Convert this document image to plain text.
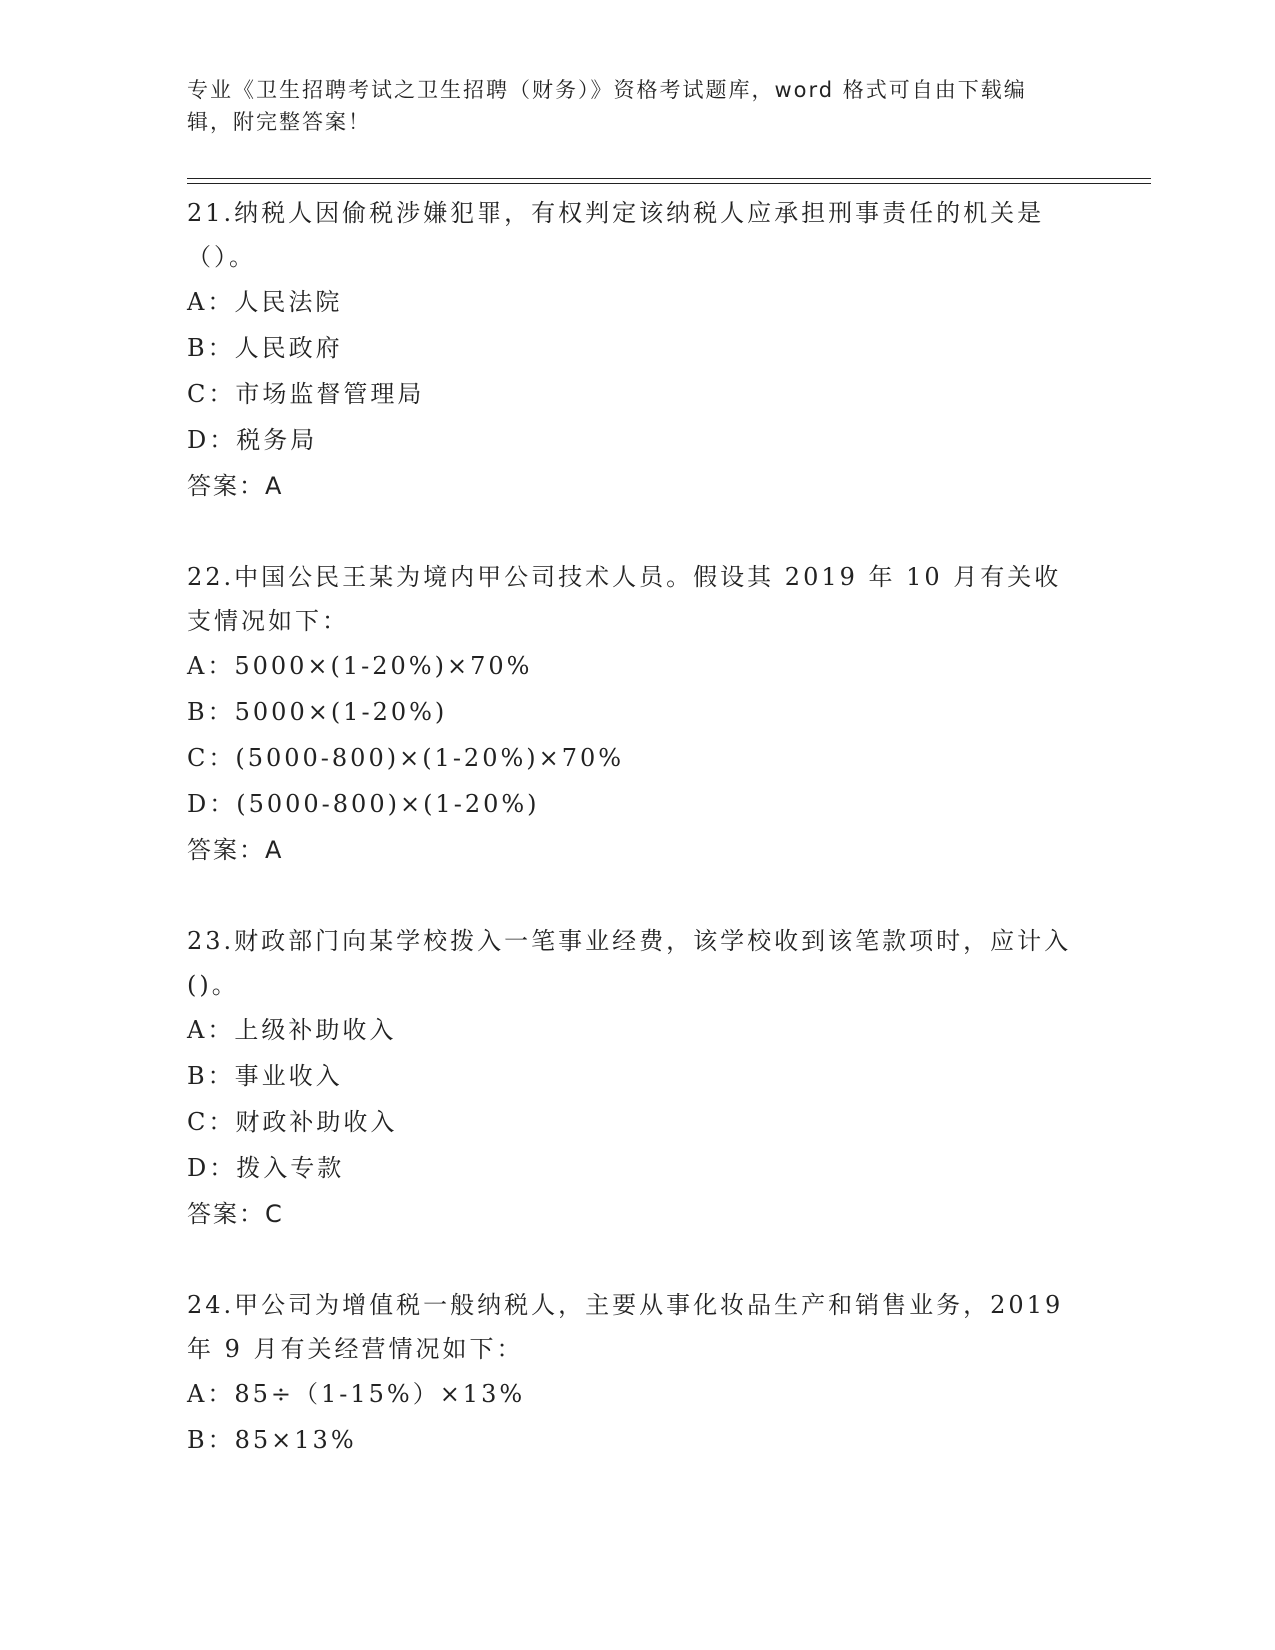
专业《卫生招聘考试之卫生招聘（财务）》资格考试题库，word 格式可自由下载编辑，附完整答案！

21.纳税人因偷税涉嫌犯罪，有权判定该纳税人应承担刑事责任的机关是（）。

A：人民法院

B：人民政府

C：市场监督管理局

D：税务局

答案：A

22.中国公民王某为境内甲公司技术人员。假设其 2019 年 10 月有关收支情况如下：

A：5000×(1-20%)×70%

B：5000×(1-20%)

C：(5000-800)×(1-20%)×70%

D：(5000-800)×(1-20%)

答案：A

23.财政部门向某学校拨入一笔事业经费，该学校收到该笔款项时，应计入()。

A：上级补助收入

B：事业收入

C：财政补助收入

D：拨入专款

答案：C

24.甲公司为增值税一般纳税人，主要从事化妆品生产和销售业务，2019 年 9 月有关经营情况如下：

A：85÷（1-15%）×13%

B：85×13%
